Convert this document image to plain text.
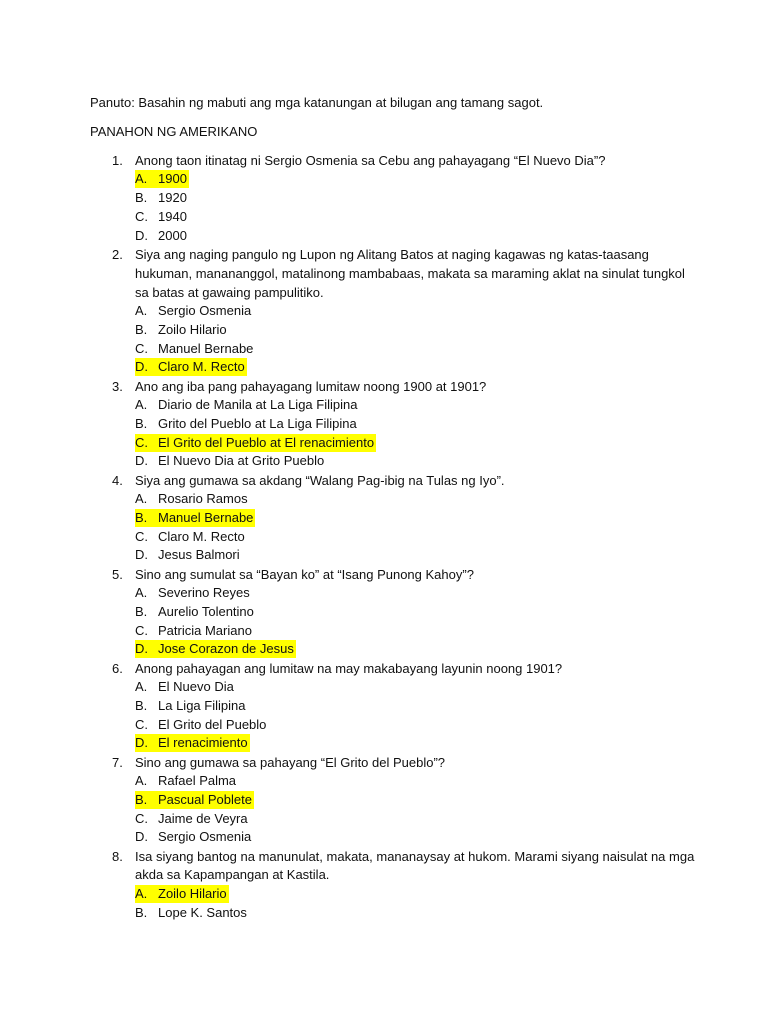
Panuto: Basahin ng mabuti ang mga katanungan at bilugan ang tamang sagot.
PANAHON NG AMERIKANO
1. Anong taon itinatag ni Sergio Osmenia sa Cebu ang pahayagang “El Nuevo Dia”?
A. 1900
B. 1920
C. 1940
D. 2000
2. Siya ang naging pangulo ng Lupon ng Alitang Batos at naging kagawas ng katas-taasang
hukuman, manananggol, matalinong mambabaas, makata sa maraming aklat na sinulat tungkol
sa batas at gawaing pampulitiko.
A. Sergio Osmenia
B. Zoilo Hilario
C. Manuel Bernabe
D. Claro M. Recto
3. Ano ang iba pang pahayagang lumitaw noong 1900 at 1901?
A. Diario de Manila at La Liga Filipina
B. Grito del Pueblo at La Liga Filipina
C. El Grito del Pueblo at El renacimiento
D. El Nuevo Dia at Grito Pueblo
4. Siya ang gumawa sa akdang “Walang Pag-ibig na Tulas ng Iyo”.
A. Rosario Ramos
B. Manuel Bernabe
C. Claro M. Recto
D. Jesus Balmori
5. Sino ang sumulat sa “Bayan ko” at “Isang Punong Kahoy”?
A. Severino Reyes
B. Aurelio Tolentino
C. Patricia Mariano
D. Jose Corazon de Jesus
6. Anong pahayagan ang lumitaw na may makabayang layunin noong 1901?
A. El Nuevo Dia
B. La Liga Filipina
C. El Grito del Pueblo
D. El renacimiento
7. Sino ang gumawa sa pahayang “El Grito del Pueblo”?
A. Rafael Palma
B. Pascual Poblete
C. Jaime de Veyra
D. Sergio Osmenia
8. Isa siyang bantog na manunulat, makata, mananaysay at hukom. Marami siyang naisulat na mga
akda sa Kapampangan at Kastila.
A. Zoilo Hilario
B. Lope K. Santos
